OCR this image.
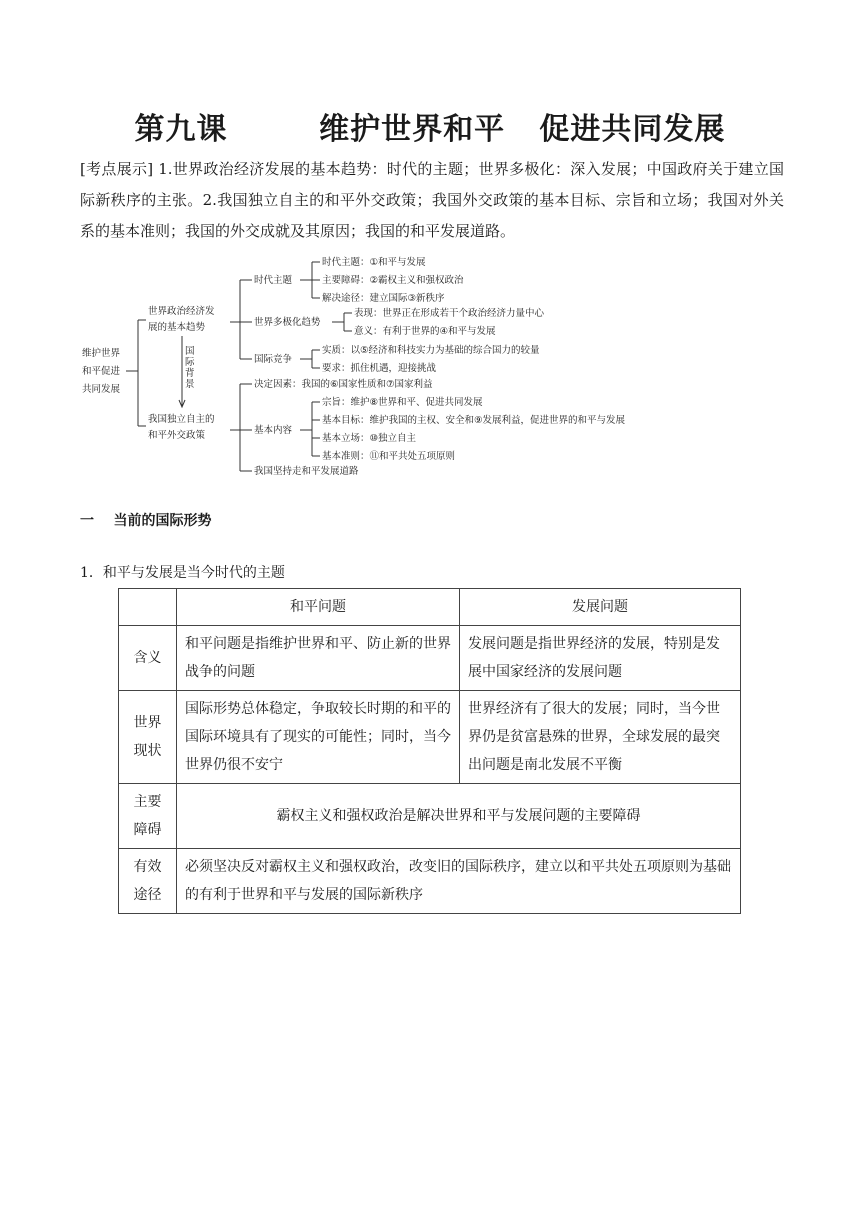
第九课        维护世界和平   促进共同发展
[考点展示] 1.世界政治经济发展的基本趋势：时代的主题；世界多极化：深入发展；中国政府关于建立国际新秩序的主张。2.我国独立自主的和平外交政策；我国外交政策的基本目标、宗旨和立场；我国对外关系的基本准则；我国的外交成就及其原因；我国的和平发展道路。
维护世界
和平促进
共同发展
世界政治经济发
展的基本趋势
国
际
背
景
我国独立自主的
和平外交政策
时代主题
时代主题：①和平与发展
主要障碍：②霸权主义和强权政治
解决途径：建立国际③新秩序
世界多极化趋势
表现：世界正在形成若干个政治经济力量中心
意义：有利于世界的④和平与发展
国际竞争
实质：以⑤经济和科技实力为基础的综合国力的较量
要求：抓住机遇，迎接挑战
决定因素：我国的⑥国家性质和⑦国家利益
基本内容
宗旨：维护⑧世界和平、促进共同发展
基本目标：维护我国的主权、安全和⑨发展利益，促进世界的和平与发展
基本立场：⑩独立自主
基本准则：⑪和平共处五项原则
我国坚持走和平发展道路
一    当前的国际形势
1．和平与发展是当今时代的主题
	和平问题	发展问题
含义	和平问题是指维护世界和平、防止新的世界战争的问题	发展问题是指世界经济的发展，特别是发展中国家经济的发展问题
世界现状	国际形势总体稳定，争取较长时期的和平的国际环境具有了现实的可能性；同时，当今世界仍很不安宁	世界经济有了很大的发展；同时，当今世界仍是贫富悬殊的世界，全球发展的最突出问题是南北发展不平衡
主要障碍	霸权主义和强权政治是解决世界和平与发展问题的主要障碍	
有效途径	必须坚决反对霸权主义和强权政治，改变旧的国际秩序，建立以和平共处五项原则为基础的有利于世界和平与发展的国际新秩序	
